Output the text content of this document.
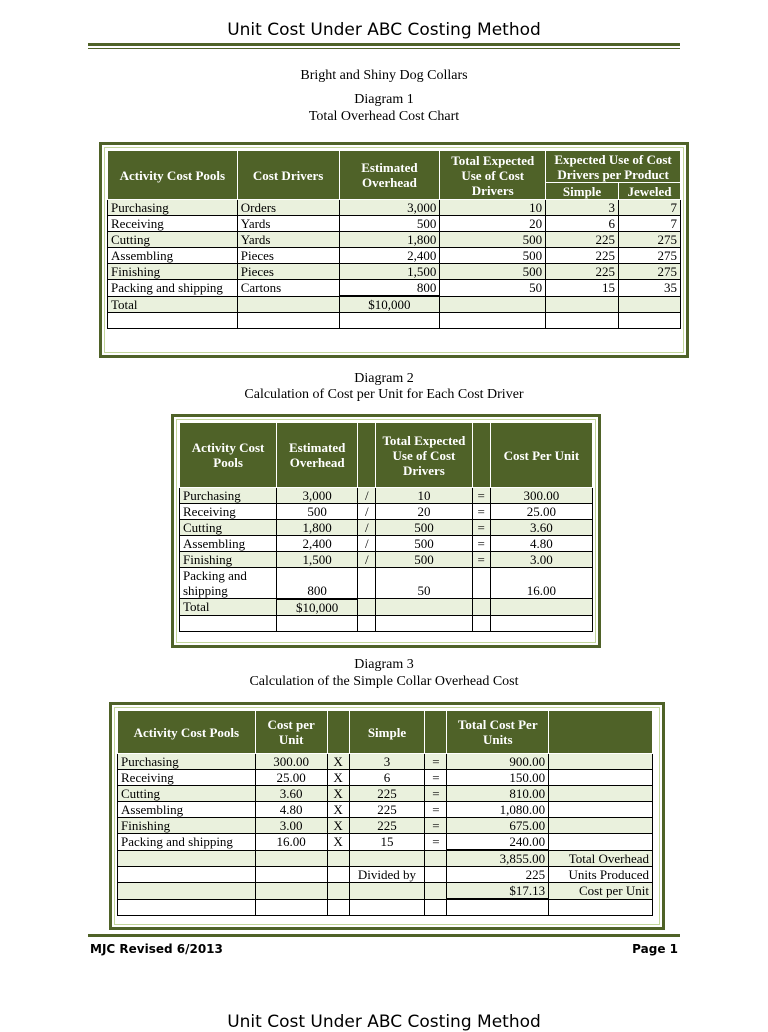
Unit Cost Under ABC Costing Method
Bright and Shiny Dog Collars
Diagram 1
Total Overhead Cost Chart
Activity Cost Pools	Cost Drivers	Estimated Overhead	Total Expected Use of Cost Drivers	Expected Use of Cost Drivers per Product	
				Simple	Jeweled
Purchasing	Orders	3,000	10	3	7
Receiving	Yards	500	20	6	7
Cutting	Yards	1,800	500	225	275
Assembling	Pieces	2,400	500	225	275
Finishing	Pieces	1,500	500	225	275
Packing and shipping	Cartons	800	50	15	35
Total		$10,000			

Diagram 2
Calculation of Cost per Unit for Each Cost Driver
Activity Cost Pools	Estimated Overhead		Total Expected Use of Cost Drivers		Cost Per Unit
Purchasing	3,000	/	10	=	300.00
Receiving	500	/	20	=	25.00
Cutting	1,800	/	500	=	3.60
Assembling	2,400	/	500	=	4.80
Finishing	1,500	/	500	=	3.00
Packing and shipping	800		50		16.00
Total	$10,000				

Diagram 3
Calculation of the Simple Collar Overhead Cost
Activity Cost Pools	Cost per Unit		Simple		Total Cost Per Units	
Purchasing	300.00	X	3	=	900.00	
Receiving	25.00	X	6	=	150.00	
Cutting	3.60	X	225	=	810.00	
Assembling	4.80	X	225	=	1,080.00	
Finishing	3.00	X	225	=	675.00	
Packing and shipping	16.00	X	15	=	240.00	
					3,855.00	Total Overhead
			Divided by		225	Units Produced
					$17.13	Cost per Unit

MJC Revised 6/2013	Page 1
Unit Cost Under ABC Costing Method
